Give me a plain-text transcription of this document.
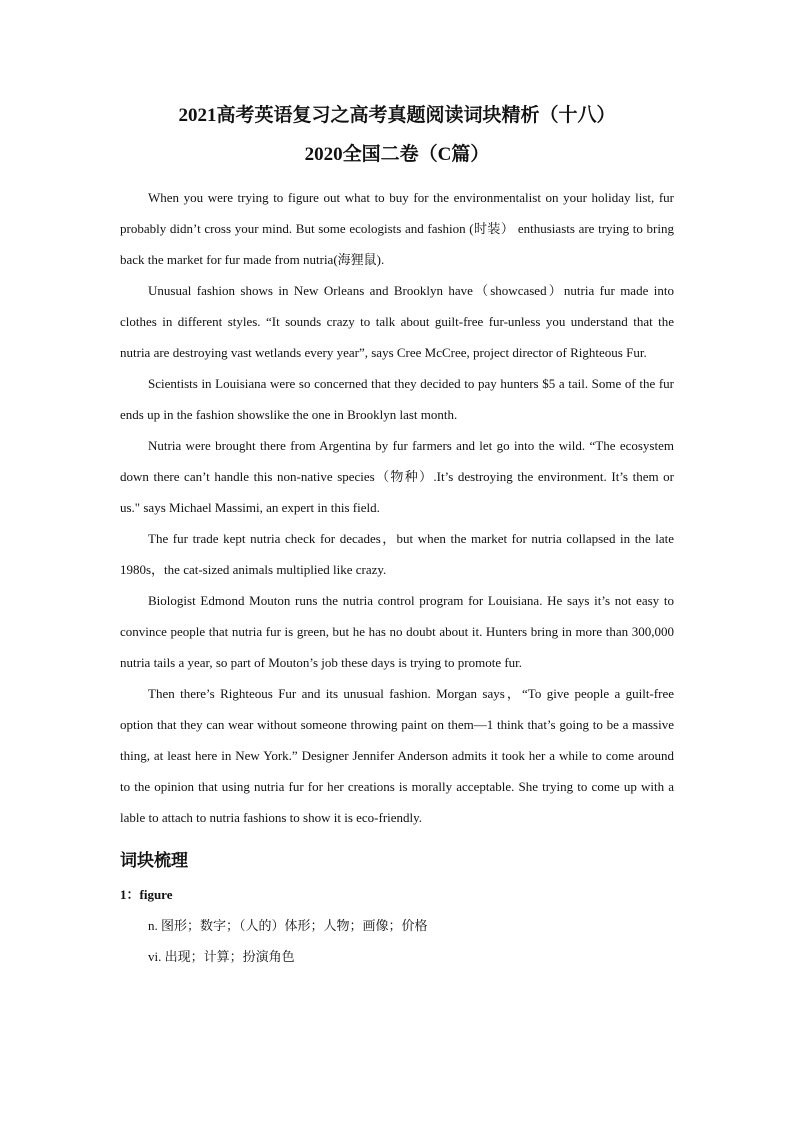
2021高考英语复习之高考真题阅读词块精析（十八）
2020全国二卷（C篇）

When you were trying to figure out what to buy for the environmentalist on your holiday list, fur probably didn’t cross your mind. But some ecologists and fashion (时装） enthusiasts are trying to bring back the market for fur made from nutria(海狸鼠).

Unusual fashion shows in New Orleans and Brooklyn have（showcased）nutria fur made into clothes in different styles. “It sounds crazy to talk about guilt-free fur-unless you understand that the nutria are destroying vast wetlands every year”, says Cree McCree, project director of Righteous Fur.

Scientists in Louisiana were so concerned that they decided to pay hunters $5 a tail. Some of the fur ends up in the fashion showslike the one in Brooklyn last month.

Nutria were brought there from Argentina by fur farmers and let go into the wild. “The ecosystem down there can’t handle this non-native species（物种）.It’s destroying the environment. It’s them or us." says Michael Massimi, an expert in this field.

The fur trade kept nutria check for decades，but when the market for nutria collapsed in the late 1980s，the cat-sized animals multiplied like crazy.

Biologist Edmond Mouton runs the nutria control program for Louisiana. He says it’s not easy to convince people that nutria fur is green, but he has no doubt about it. Hunters bring in more than 300,000 nutria tails a year, so part of Mouton’s job these days is trying to promote fur.

Then there’s Righteous Fur and its unusual fashion. Morgan says，“To give people a guilt-free option that they can wear without someone throwing paint on them—1 think that’s going to be a massive thing, at least here in New York.” Designer Jennifer Anderson admits it took her a while to come around to the opinion that using nutria fur for her creations is morally acceptable. She trying to come up with a lable to attach to nutria fashions to show it is eco-friendly.

词块梳理

1：figure

n. 图形；数字；（人的）体形；人物；画像；价格

vi. 出现；计算；扮演角色
